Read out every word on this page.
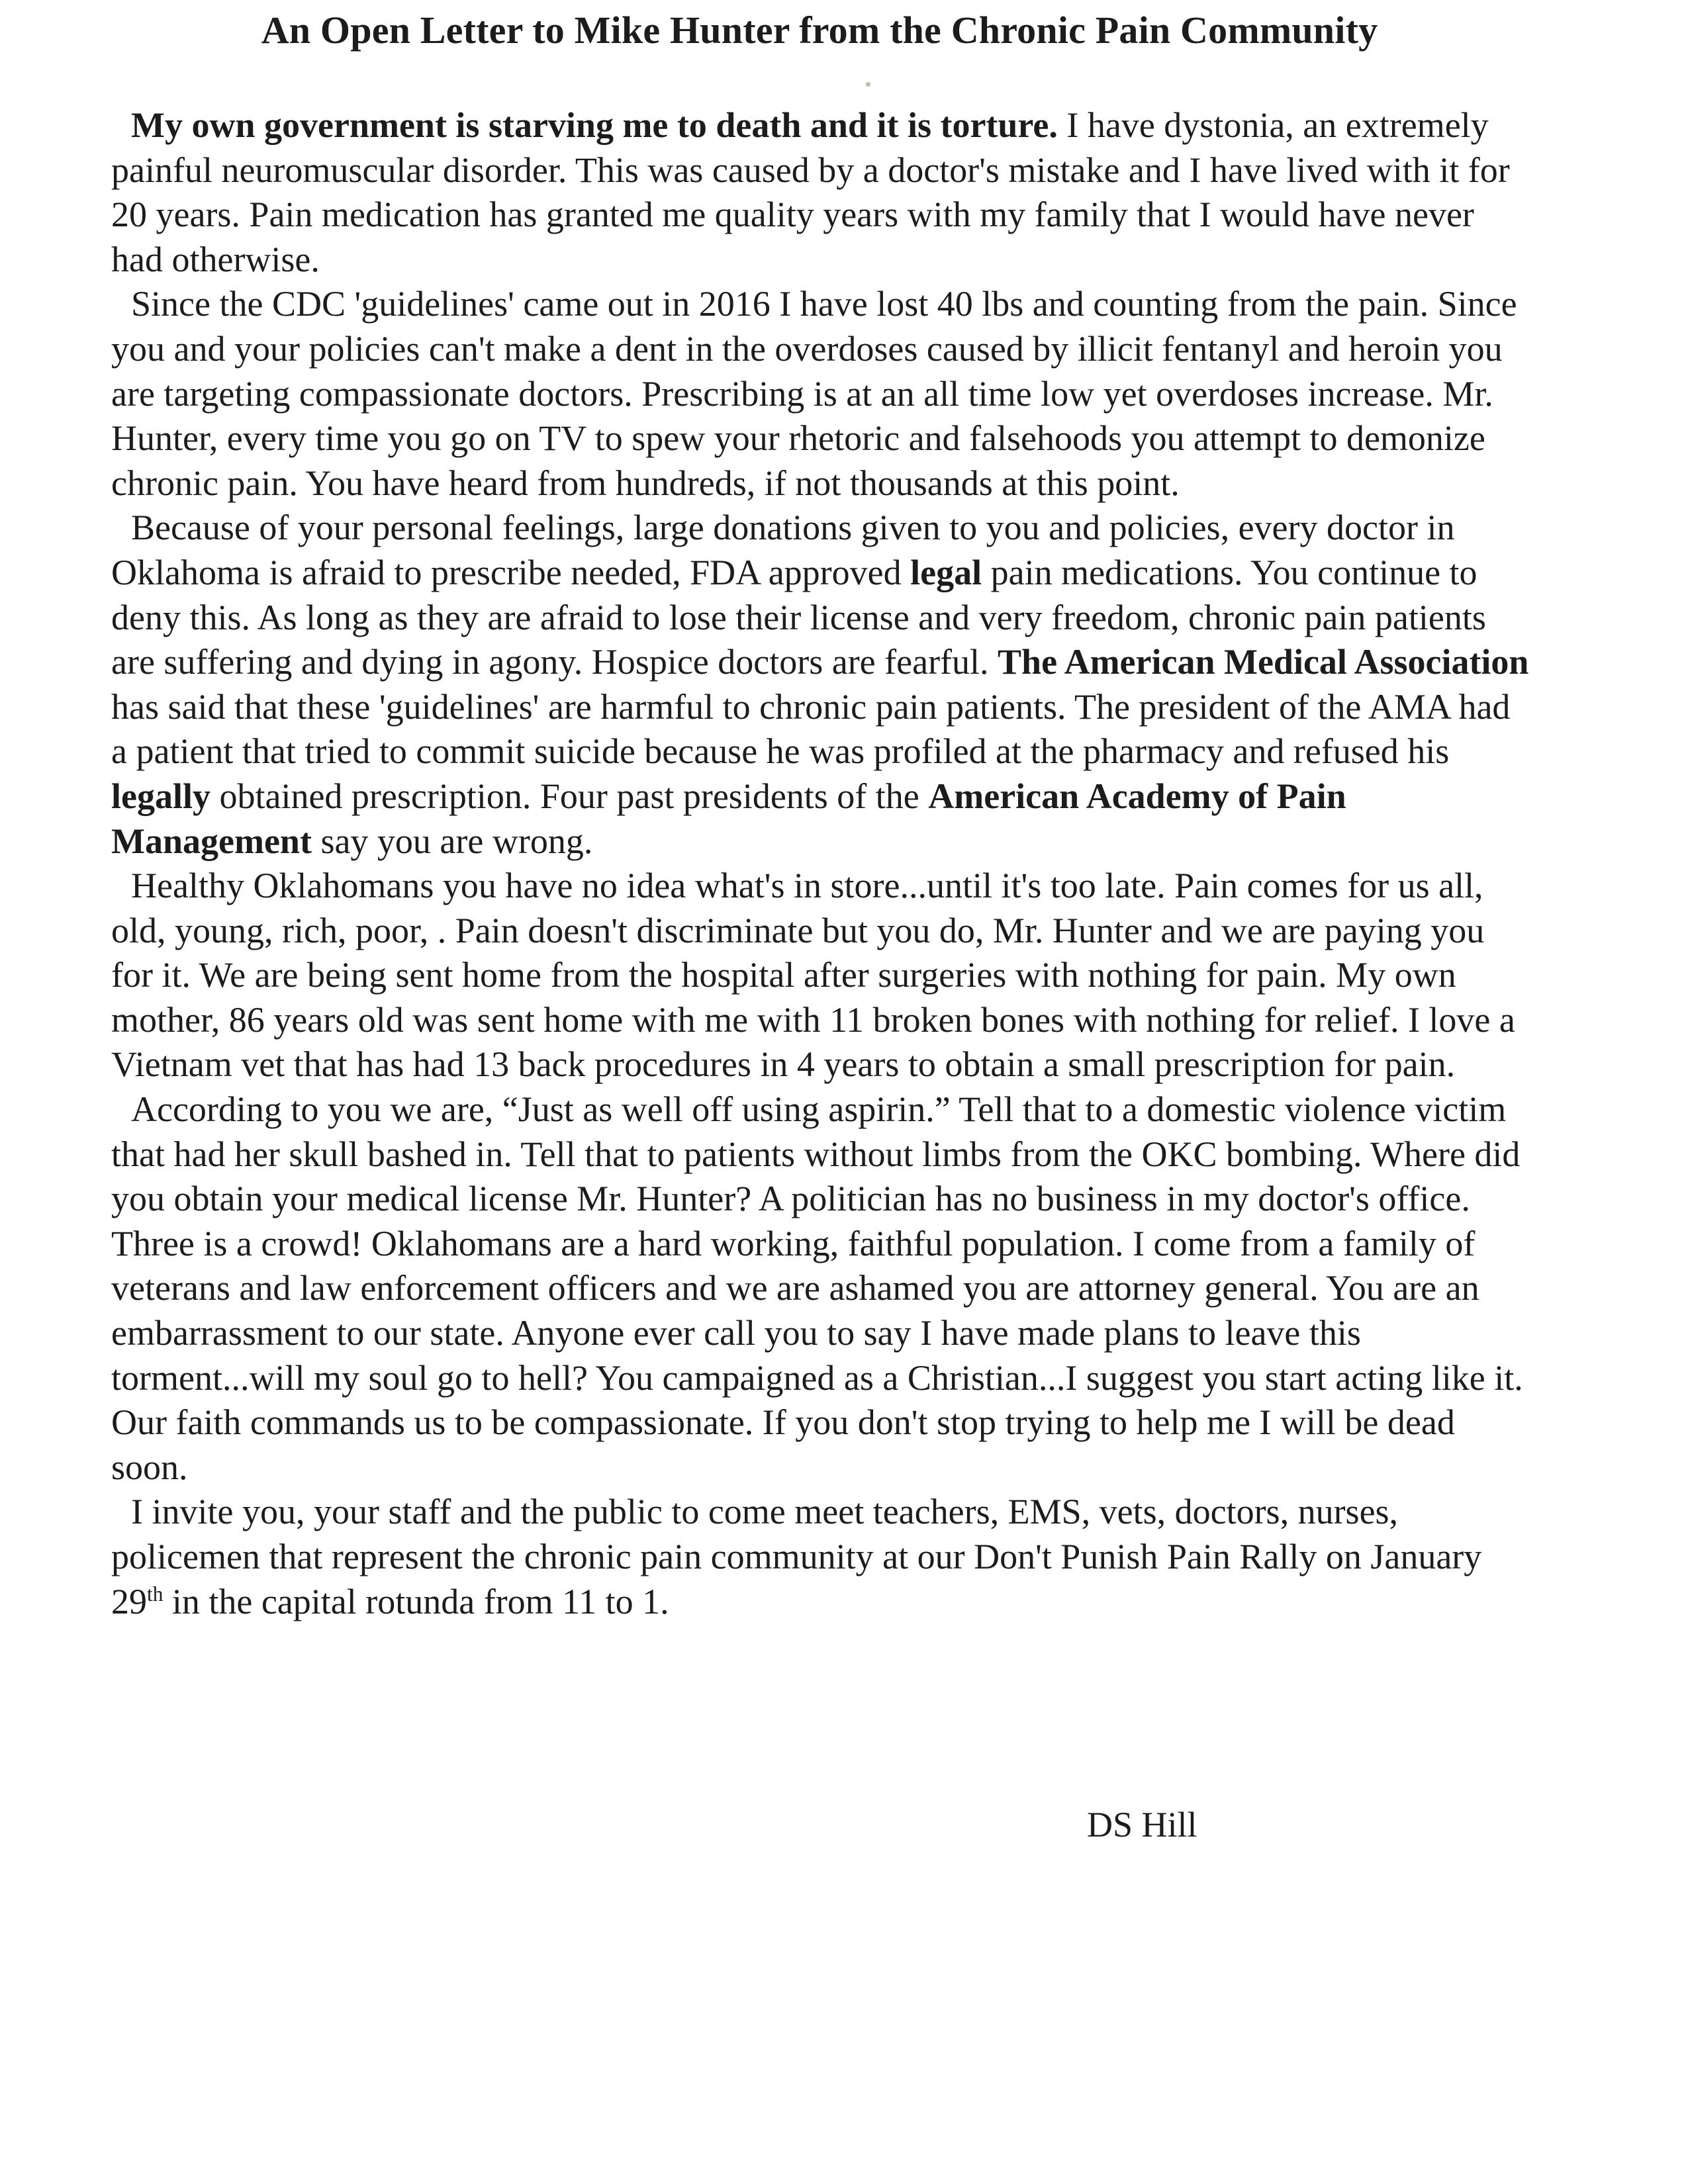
An Open Letter to Mike Hunter from the Chronic Pain Community

My own government is starving me to death and it is torture. I have dystonia, an extremely painful neuromuscular disorder. This was caused by a doctor's mistake and I have lived with it for 20 years. Pain medication has granted me quality years with my family that I would have never had otherwise.

Since the CDC 'guidelines' came out in 2016 I have lost 40 lbs and counting from the pain. Since you and your policies can't make a dent in the overdoses caused by illicit fentanyl and heroin you are targeting compassionate doctors. Prescribing is at an all time low yet overdoses increase. Mr. Hunter, every time you go on TV to spew your rhetoric and falsehoods you attempt to demonize chronic pain. You have heard from hundreds, if not thousands at this point.

Because of your personal feelings, large donations given to you and policies, every doctor in Oklahoma is afraid to prescribe needed, FDA approved legal pain medications. You continue to deny this. As long as they are afraid to lose their license and very freedom, chronic pain patients are suffering and dying in agony. Hospice doctors are fearful. The American Medical Association has said that these 'guidelines' are harmful to chronic pain patients. The president of the AMA had a patient that tried to commit suicide because he was profiled at the pharmacy and refused his legally obtained prescription. Four past presidents of the American Academy of Pain Management say you are wrong.

Healthy Oklahomans you have no idea what's in store...until it's too late. Pain comes for us all, old, young, rich, poor, . Pain doesn't discriminate but you do, Mr. Hunter and we are paying you for it. We are being sent home from the hospital after surgeries with nothing for pain. My own mother, 86 years old was sent home with me with 11 broken bones with nothing for relief. I love a Vietnam vet that has had 13 back procedures in 4 years to obtain a small prescription for pain.

According to you we are, “Just as well off using aspirin.” Tell that to a domestic violence victim that had her skull bashed in. Tell that to patients without limbs from the OKC bombing. Where did you obtain your medical license Mr. Hunter? A politician has no business in my doctor's office. Three is a crowd! Oklahomans are a hard working, faithful population. I come from a family of veterans and law enforcement officers and we are ashamed you are attorney general. You are an embarrassment to our state. Anyone ever call you to say I have made plans to leave this torment...will my soul go to hell? You campaigned as a Christian...I suggest you start acting like it. Our faith commands us to be compassionate. If you don't stop trying to help me I will be dead soon.

I invite you, your staff and the public to come meet teachers, EMS, vets, doctors, nurses, policemen that represent the chronic pain community at our Don't Punish Pain Rally on January 29th in the capital rotunda from 11 to 1.

DS Hill
